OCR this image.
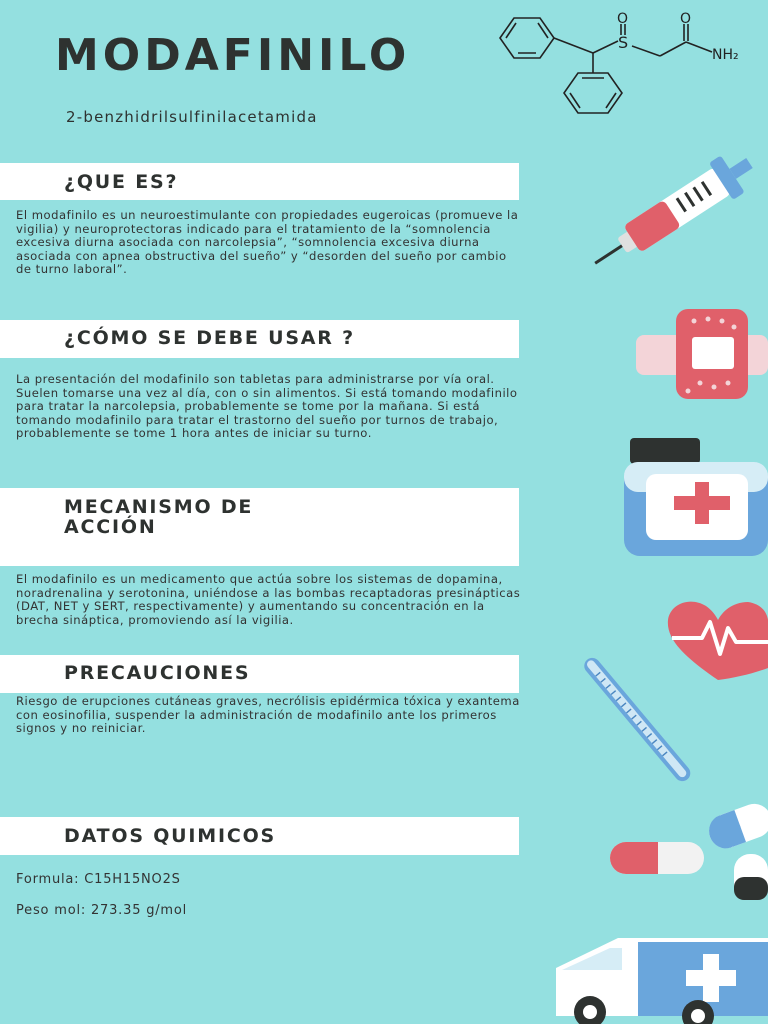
MODAFINILO
2-benzhidrilsulfinilacetamida
O
S
O
NH₂
¿QUE ES?

El modafinilo es un neuroestimulante con propiedades eugeroicas (promueve la vigilia) y neuroprotectoras indicado para el tratamiento de la “somnolencia excesiva diurna asociada con narcolepsia”, “somnolencia excesiva diurna asociada con apnea obstructiva del sueño” y “desorden del sueño por cambio de turno laboral”.

¿CÓMO SE DEBE USAR ?

La presentación del modafinilo son tabletas para administrarse por vía oral. Suelen tomarse una vez al día, con o sin alimentos. Si está tomando modafinilo para tratar la narcolepsia, probablemente se tome por la mañana. Si está tomando modafinilo para tratar el trastorno del sueño por turnos de trabajo, probablemente se tome 1 hora antes de iniciar su turno.

MECANISMO DE
ACCIÓN

El modafinilo es un medicamento que actúa sobre los sistemas de dopamina, noradrenalina y serotonina, uniéndose a las bombas recaptadoras presinápticas (DAT, NET y SERT, respectivamente) y aumentando su concentración en la brecha sináptica, promoviendo así la vigilia.

PRECAUCIONES

Riesgo de erupciones cutáneas graves, necrólisis epidérmica tóxica y exantema con eosinofilia, suspender la administración de modafinilo ante los primeros signos y no reiniciar.

DATOS QUIMICOS
Formula: C15H15NO2S
Peso mol: 273.35 g/mol
